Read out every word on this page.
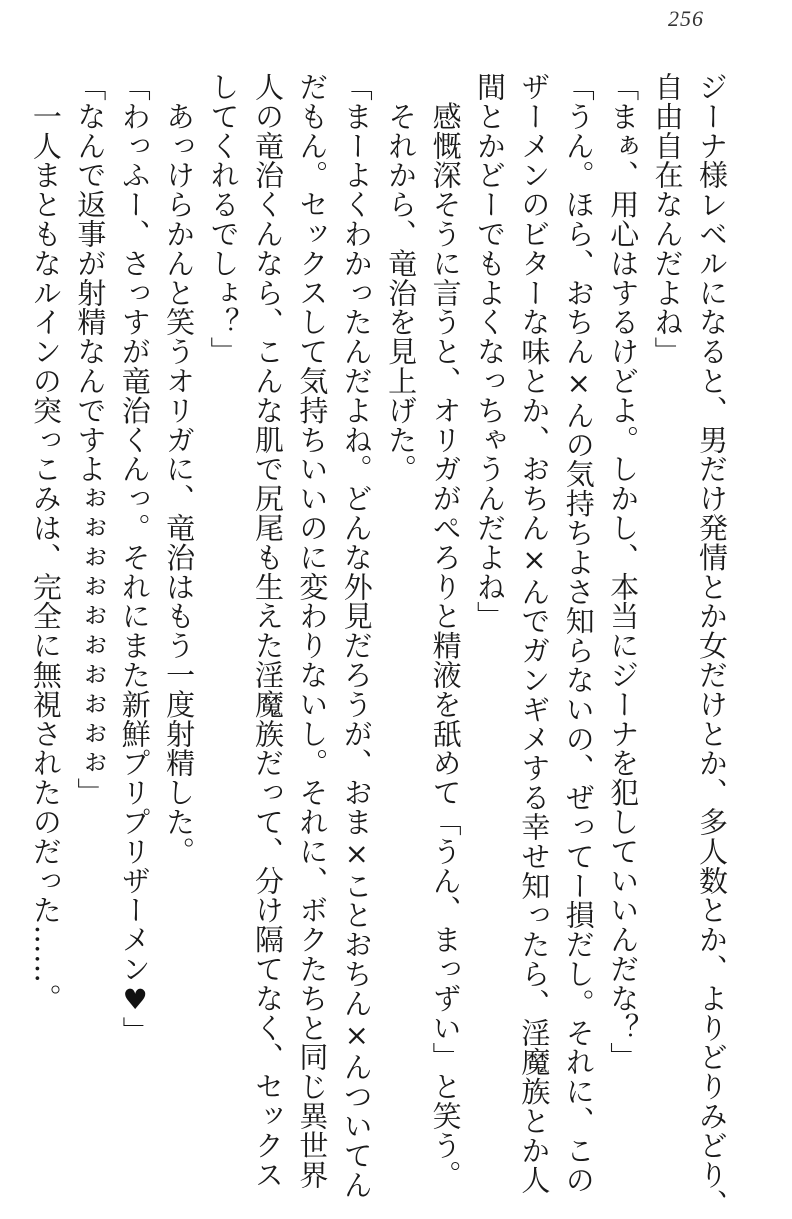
256
ジーナ様レベルになると、男だけ発情とか女だけとか、多人数とか、よりどりみどり、
自由自在なんだよね」
「まぁ、用心はするけどよ。しかし、本当にジーナを犯していいんだな？」
「うん。ほら、おちん×んの気持ちよさ知らないの、ぜってー損だし。それに、この
ザーメンのビターな味とか、おちん×んでガンギメする幸せ知ったら、淫魔族とか人
間とかどーでもよくなっちゃうんだよね」
　感慨深そうに言うと、オリガがぺろりと精液を舐めて「うん、まっずい」と笑う。
　それから、竜治を見上げた。
「まーよくわかったんだよね。どんな外見だろうが、おま×ことおちん×んついてん
だもん。セックスして気持ちいいのに変わりないし。それに、ボクたちと同じ異世界
人の竜治くんなら、こんな肌で尻尾も生えた淫魔族だって、分け隔てなく、セックス
してくれるでしょ？」
　あっけらかんと笑うオリガに、竜治はもう一度射精した。
「わっふー、さっすが竜治くんっ。それにまた新鮮プリプリザーメン♥」
「なんで返事が射精なんですよぉぉぉぉぉぉぉぉぉぉ」
　一人まともなルインの突っこみは、完全に無視されたのだった……。
